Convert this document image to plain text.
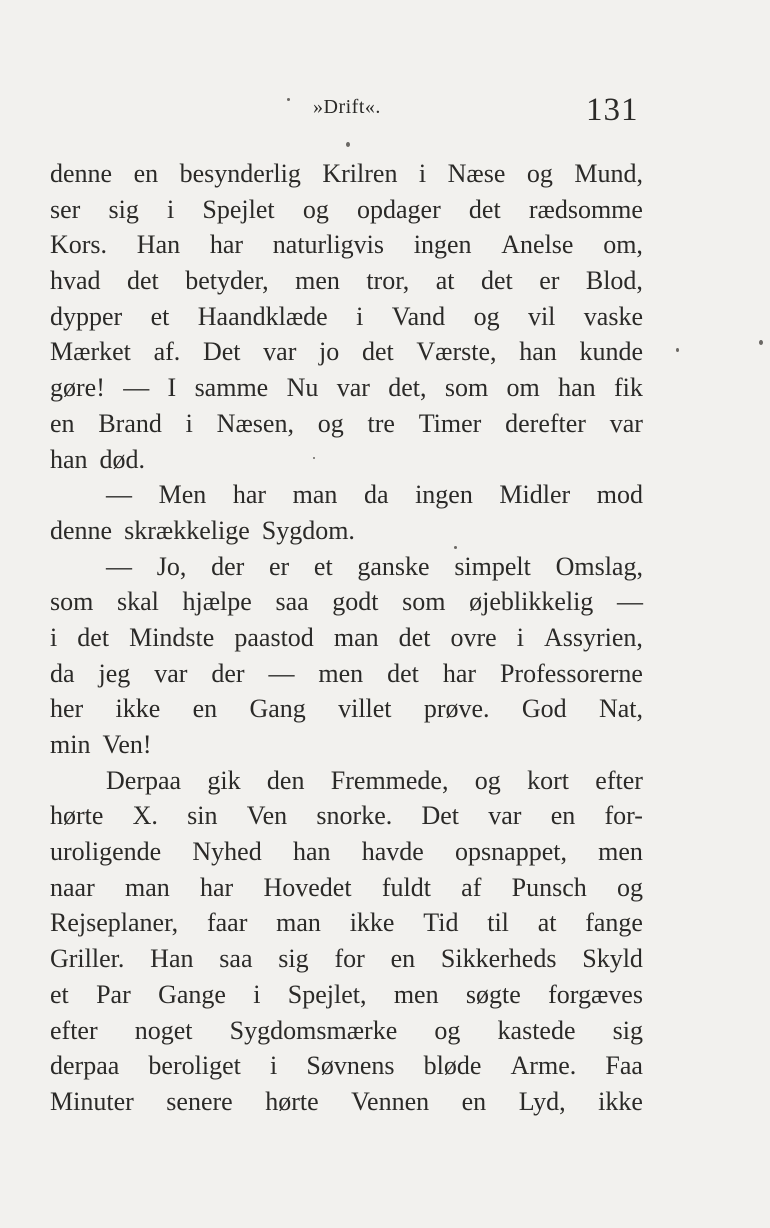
»Drift«.	131
denne en besynderlig Krilren i Næse og Mund,
ser sig i Spejlet og opdager det rædsomme
Kors. Han har naturligvis ingen Anelse om,
hvad det betyder, men tror, at det er Blod,
dypper et Haandklæde i Vand og vil vaske
Mærket af. Det var jo det Værste, han kunde
gøre! — I samme Nu var det, som om han fik
en Brand i Næsen, og tre Timer derefter var
han død.
— Men har man da ingen Midler mod
denne skrækkelige Sygdom.
— Jo, der er et ganske simpelt Omslag,
som skal hjælpe saa godt som øjeblikkelig —
i det Mindste paastod man det ovre i Assyrien,
da jeg var der — men det har Professorerne
her ikke en Gang villet prøve. God Nat,
min Ven!
Derpaa gik den Fremmede, og kort efter
hørte X. sin Ven snorke. Det var en for-
uroligende Nyhed han havde opsnappet, men
naar man har Hovedet fuldt af Punsch og
Rejseplaner, faar man ikke Tid til at fange
Griller. Han saa sig for en Sikkerheds Skyld
et Par Gange i Spejlet, men søgte forgæves
efter noget Sygdomsmærke og kastede sig
derpaa beroliget i Søvnens bløde Arme. Faa
Minuter senere hørte Vennen en Lyd, ikke
